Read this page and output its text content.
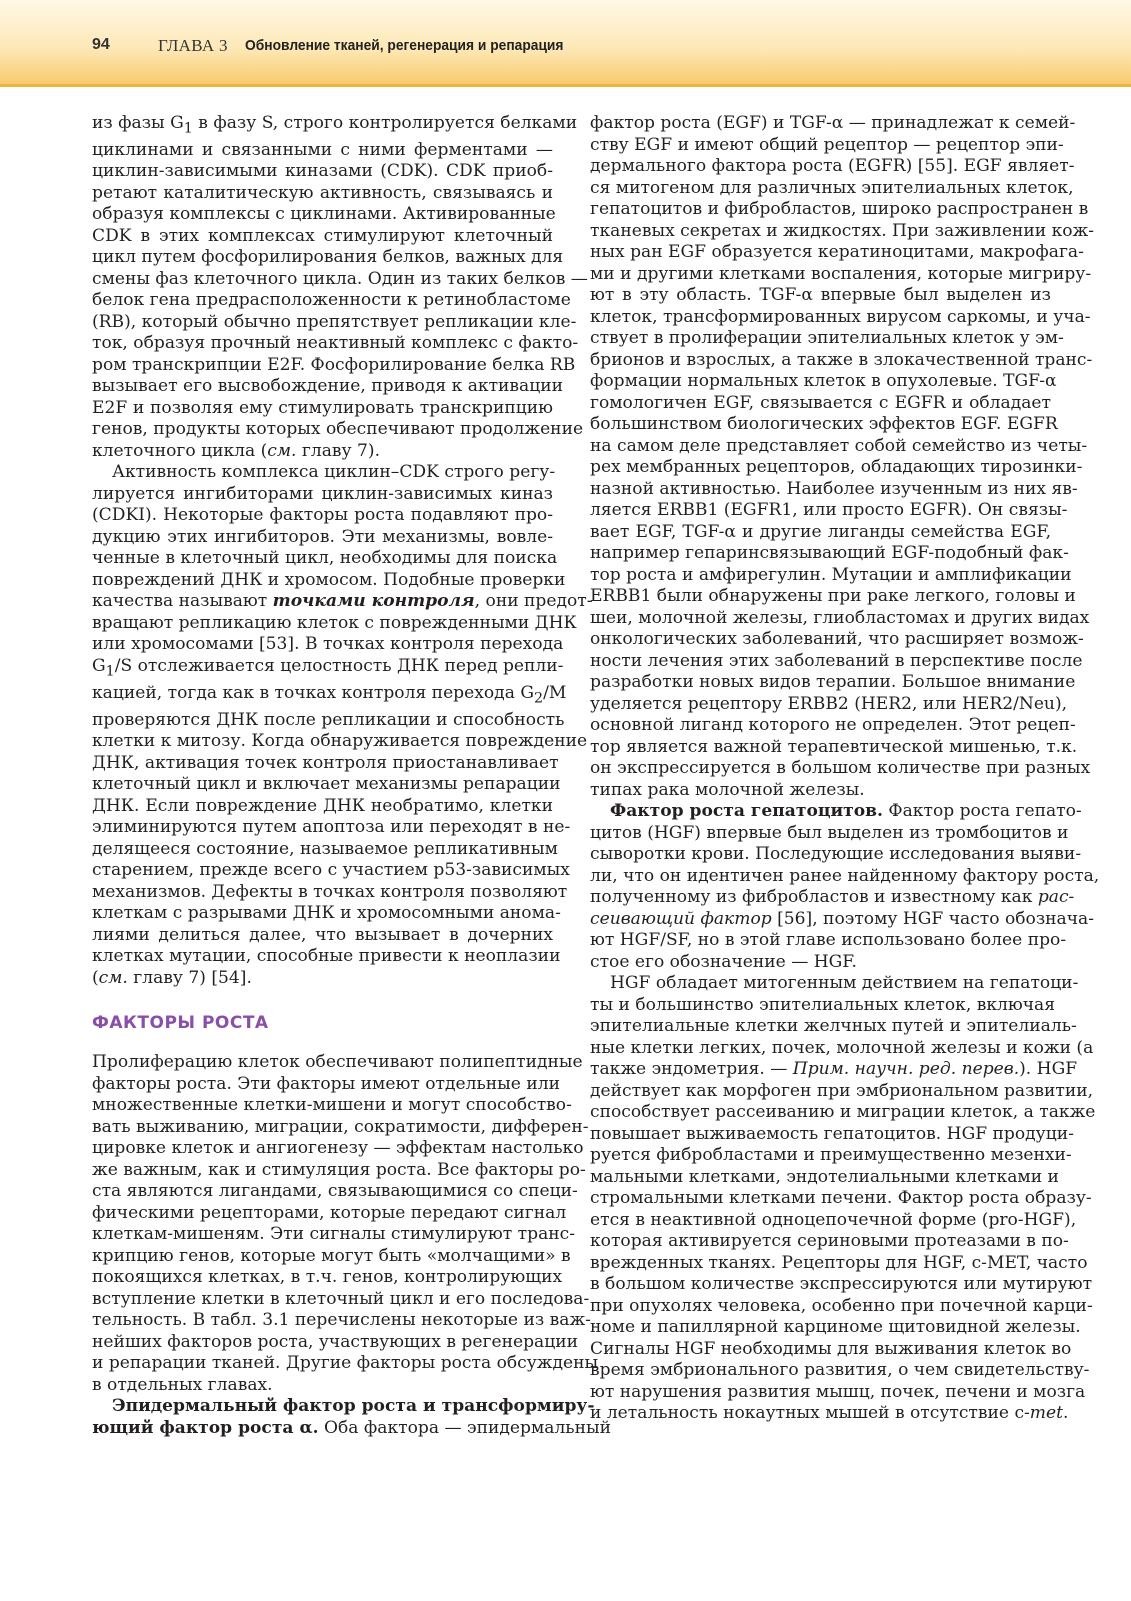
94	ГЛАВА 3 Обновление тканей, регенерация и репарация
из фазы $G_1$ в фазу S, строго контролируется белками
циклинами и связанными с ними ферментами —
циклин-зависимыми киназами (CDK). CDK приоб-
ретают каталитическую активность, связываясь и
образуя комплексы с циклинами. Активированные
CDK в этих комплексах стимулируют клеточный
цикл путем фосфорилирования белков, важных для
смены фаз клеточного цикла. Один из таких белков —
белок гена предрасположенности к ретинобластоме
(RB), который обычно препятствует репликации кле-
ток, образуя прочный неактивный комплекс с факто-
ром транскрипции E2F. Фосфорилирование белка RB
вызывает его высвобождение, приводя к активации
E2F и позволяя ему стимулировать транскрипцию
генов, продукты которых обеспечивают продолжение
клеточного цикла (см. главу 7).
Активность комплекса циклин–CDK строго регу-
лируется ингибиторами циклин-зависимых киназ
(CDKI). Некоторые факторы роста подавляют про-
дукцию этих ингибиторов. Эти механизмы, вовле-
ченные в клеточный цикл, необходимы для поиска
повреждений ДНК и хромосом. Подобные проверки
качества называют точками контроля, они предот-
вращают репликацию клеток с поврежденными ДНК
или хромосомами [53]. В точках контроля перехода
$G_1/S$ отслеживается целостность ДНК перед репли-
кацией, тогда как в точках контроля перехода $G_2/M$
проверяются ДНК после репликации и способность
клетки к митозу. Когда обнаруживается повреждение
ДНК, активация точек контроля приостанавливает
клеточный цикл и включает механизмы репарации
ДНК. Если повреждение ДНК необратимо, клетки
элиминируются путем апоптоза или переходят в не-
делящееся состояние, называемое репликативным
старением, прежде всего с участием p53-зависимых
механизмов. Дефекты в точках контроля позволяют
клеткам с разрывами ДНК и хромосомными анома-
лиями делиться далее, что вызывает в дочерних
клетках мутации, способные привести к неоплазии
(см. главу 7) [54].
ФАКТОРЫ РОСТА
Пролиферацию клеток обеспечивают полипептидные
факторы роста. Эти факторы имеют отдельные или
множественные клетки-мишени и могут способство-
вать выживанию, миграции, сократимости, дифферен-
цировке клеток и ангиогенезу — эффектам настолько
же важным, как и стимуляция роста. Все факторы ро-
ста являются лигандами, связывающимися со специ-
фическими рецепторами, которые передают сигнал
клеткам-мишеням. Эти сигналы стимулируют транс-
крипцию генов, которые могут быть «молчащими» в
покоящихся клетках, в т.ч. генов, контролирующих
вступление клетки в клеточный цикл и его последова-
тельность. В табл. 3.1 перечислены некоторые из важ-
нейших факторов роста, участвующих в регенерации
и репарации тканей. Другие факторы роста обсуждены
в отдельных главах.
Эпидермальный фактор роста и трансформиру-
ющий фактор роста α. Оба фактора — эпидермальный
фактор роста (EGF) и TGF-α — принадлежат к семей-
ству EGF и имеют общий рецептор — рецептор эпи-
дермального фактора роста (EGFR) [55]. EGF являет-
ся митогеном для различных эпителиальных клеток,
гепатоцитов и фибробластов, широко распространен в
тканевых секретах и жидкостях. При заживлении кож-
ных ран EGF образуется кератиноцитами, макрофага-
ми и другими клетками воспаления, которые мигриру-
ют в эту область. TGF-α впервые был выделен из
клеток, трансформированных вирусом саркомы, и уча-
ствует в пролиферации эпителиальных клеток у эм-
брионов и взрослых, а также в злокачественной транс-
формации нормальных клеток в опухолевые. TGF-α
гомологичен EGF, связывается с EGFR и обладает
большинством биологических эффектов EGF. EGFR
на самом деле представляет собой семейство из четы-
рех мембранных рецепторов, обладающих тирозинки-
назной активностью. Наиболее изученным из них яв-
ляется ERBB1 (EGFR1, или просто EGFR). Он связы-
вает EGF, TGF-α и другие лиганды семейства EGF,
например гепаринсвязывающий EGF-подобный фак-
тор роста и амфирегулин. Мутации и амплификации
ERBB1 были обнаружены при раке легкого, головы и
шеи, молочной железы, глиобластомах и других видах
онкологических заболеваний, что расширяет возмож-
ности лечения этих заболеваний в перспективе после
разработки новых видов терапии. Большое внимание
уделяется рецептору ERBB2 (HER2, или HER2/Neu),
основной лиганд которого не определен. Этот рецеп-
тор является важной терапевтической мишенью, т.к.
он экспрессируется в большом количестве при разных
типах рака молочной железы.
Фактор роста гепатоцитов. Фактор роста гепато-
цитов (HGF) впервые был выделен из тромбоцитов и
сыворотки крови. Последующие исследования выяви-
ли, что он идентичен ранее найденному фактору роста,
полученному из фибробластов и известному как рас-
сеивающий фактор [56], поэтому HGF часто обознача-
ют HGF/SF, но в этой главе использовано более про-
стое его обозначение — HGF.
HGF обладает митогенным действием на гепатоци-
ты и большинство эпителиальных клеток, включая
эпителиальные клетки желчных путей и эпителиаль-
ные клетки легких, почек, молочной железы и кожи (а
также эндометрия. — Прим. научн. ред. перев.). HGF
действует как морфоген при эмбриональном развитии,
способствует рассеиванию и миграции клеток, а также
повышает выживаемость гепатоцитов. HGF продуци-
руется фибробластами и преимущественно мезенхи-
мальными клетками, эндотелиальными клетками и
стромальными клетками печени. Фактор роста образу-
ется в неактивной одноцепочечной форме (pro-HGF),
которая активируется сериновыми протеазами в по-
врежденных тканях. Рецепторы для HGF, c-MET, часто
в большом количестве экспрессируются или мутируют
при опухолях человека, особенно при почечной карци-
номе и папиллярной карциноме щитовидной железы.
Сигналы HGF необходимы для выживания клеток во
время эмбрионального развития, о чем свидетельству-
ют нарушения развития мышц, почек, печени и мозга
и летальность нокаутных мышей в отсутствие c-met.
